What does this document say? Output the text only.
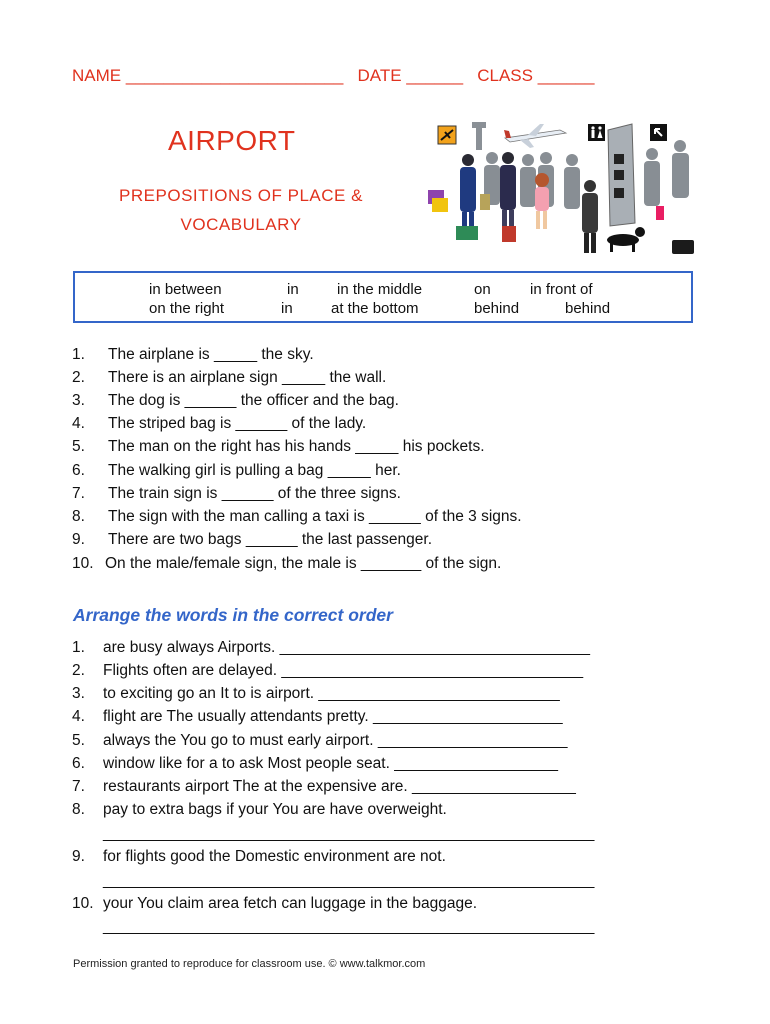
NAME _______________________ DATE ______ CLASS ______
AIRPORT
PREPOSITIONS OF PLACE &
VOCABULARY
in between	in	in the middle	on	in front of
on the right	in	at the bottom	behind	behind
1. The airplane is _____ the sky.
2. There is an airplane sign _____ the wall.
3. The dog is ______ the officer and the bag.
4. The striped bag is ______ of the lady.
5. The man on the right has his hands _____ his pockets.
6. The walking girl is pulling a bag _____ her.
7. The train sign is ______ of the three signs.
8. The sign with the man calling a taxi is ______ of the 3 signs.
9. There are two bags ______ the last passenger.
10. On the male/female sign, the male is _______ of the sign.
Arrange the words in the correct order
1. are busy always Airports. ____________________________________
2. Flights often are delayed. ___________________________________
3. to exciting go an It to is airport. ____________________________
4. flight are The usually attendants pretty. ______________________
5. always the You go to must early airport. ______________________
6. window like for a to ask Most people seat. ___________________
7. restaurants airport The at the expensive are. ___________________
8. pay to extra bags if your You are have overweight.
_________________________________________________________
9. for flights good the Domestic environment are not.
_________________________________________________________
10. your You claim area fetch can luggage in the baggage.
_________________________________________________________
Permission granted to reproduce for classroom use. © www.talkmor.com
